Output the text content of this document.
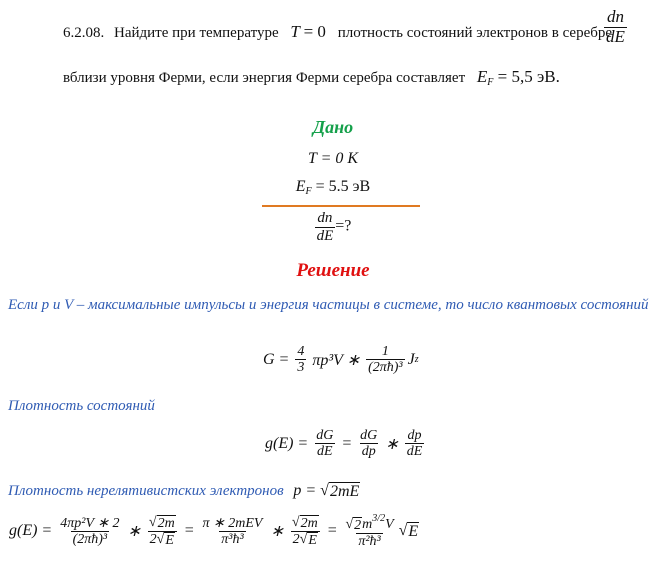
6.2.08. Найдите при температуре T = 0 плотность состояний электронов в серебре
$\frac{dn}{dE}$
вблизи уровня Ферми, если энергия Ферми серебра составляет $E_F = 5,5$ эВ.
Дано
T = 0 K
$E_F = 5.5$ эВ
$\frac{dn}{dE}$ =?
Решение
Если p и V – максимальные импульсы и энергия частицы в системе, то число квантовых состояний
$G = \frac{4}{3} \pi p^3V$ ∗ $\frac{1}{\text{(2πħ)³}}$ J z
Плотность состояний
$g(E) = \frac{dG}{dE} = \frac{dG}{dp}$ ∗ $\frac{dp}{dE}$
Плотность нерелятивистских электронов p = √ 2mE
$g(E) = \frac{\text{4πp²V ∗ 2}}{\text{(2πħ)³}}$ ∗ $\frac{√ 2m}{2√ E} = \frac{\text{π ∗ 2mEV}}{\text{π³ħ³}}$ ∗ $\frac{√ 2m}{2√ E} = \frac{√ 2 m^{3/2}V}{\text{π²ħ³}}$ √ E
